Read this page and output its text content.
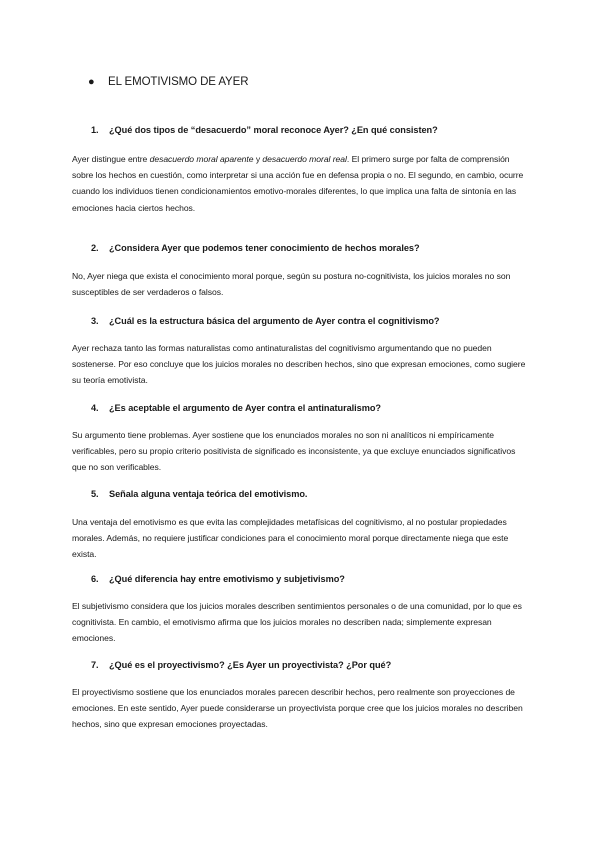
●	EL EMOTIVISMO DE AYER
1. ¿Qué dos tipos de “desacuerdo” moral reconoce Ayer? ¿En qué consisten?
Ayer distingue entre desacuerdo moral aparente y desacuerdo moral real. El primero surge por falta de comprensión sobre los hechos en cuestión, como interpretar si una acción fue en defensa propia o no. El segundo, en cambio, ocurre cuando los individuos tienen condicionamientos emotivo-morales diferentes, lo que implica una falta de sintonía en las emociones hacia ciertos hechos.
2. ¿Considera Ayer que podemos tener conocimiento de hechos morales?
No, Ayer niega que exista el conocimiento moral porque, según su postura no-cognitivista, los juicios morales no son susceptibles de ser verdaderos o falsos.
3. ¿Cuál es la estructura básica del argumento de Ayer contra el cognitivismo?
Ayer rechaza tanto las formas naturalistas como antinaturalistas del cognitivismo argumentando que no pueden sostenerse. Por eso concluye que los juicios morales no describen hechos, sino que expresan emociones, como sugiere su teoría emotivista.
4. ¿Es aceptable el argumento de Ayer contra el antinaturalismo?
Su argumento tiene problemas. Ayer sostiene que los enunciados morales no son ni analíticos ni empíricamente verificables, pero su propio criterio positivista de significado es inconsistente, ya que excluye enunciados significativos que no son verificables.
5. Señala alguna ventaja teórica del emotivismo.
Una ventaja del emotivismo es que evita las complejidades metafísicas del cognitivismo, al no postular propiedades morales. Además, no requiere justificar condiciones para el conocimiento moral porque directamente niega que este exista.
6. ¿Qué diferencia hay entre emotivismo y subjetivismo?
El subjetivismo considera que los juicios morales describen sentimientos personales o de una comunidad, por lo que es cognitivista. En cambio, el emotivismo afirma que los juicios morales no describen nada; simplemente expresan emociones.
7. ¿Qué es el proyectivismo? ¿Es Ayer un proyectivista? ¿Por qué?
El proyectivismo sostiene que los enunciados morales parecen describir hechos, pero realmente son proyecciones de emociones. En este sentido, Ayer puede considerarse un proyectivista porque cree que los juicios morales no describen hechos, sino que expresan emociones proyectadas.
